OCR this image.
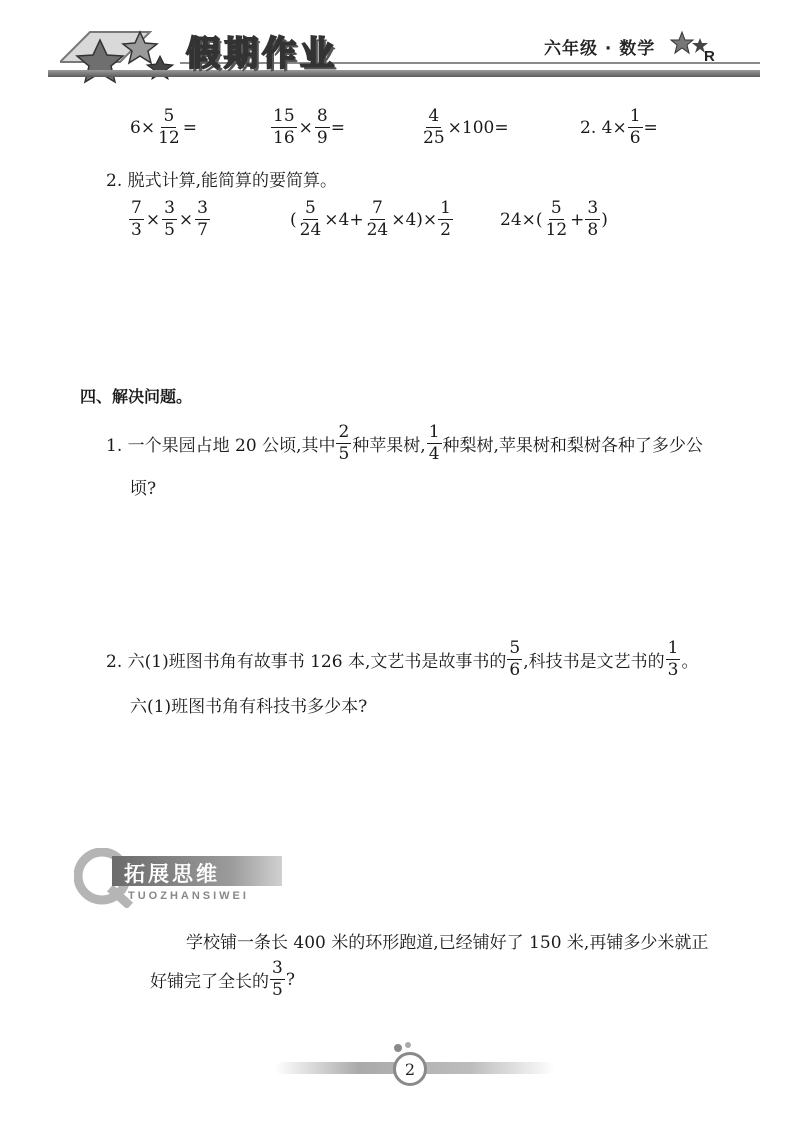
假期作业	六年级 · 数学	R
$6\times \frac{5}{12}$ =	$\frac{15}{16} \times \frac{8}{9}$ =	$\frac{4}{25} \times 100=$	2. $4\times \frac{1}{6}$ =
2. 脱式计算,能简算的要简算。
$\frac{7}{3} \times \frac{3}{5} \times \frac{3}{7}$	( $\frac{5}{24} \times 4+ \frac{7}{24} \times 4)\times \frac{1}{2}$	$24\times( \frac{5}{12} + \frac{3}{8}$ )
四、解决问题。
1. 一个果园占地 20 公顷,其中 $\frac{2}{5}$ 种苹果树, $\frac{1}{4}$ 种梨树,苹果树和梨树各种了多少公
顷?
2. 六(1)班图书角有故事书 126 本,文艺书是故事书的 $\frac{5}{6}$ ,科技书是文艺书的 $\frac{1}{3}$ 。
六(1)班图书角有科技书多少本?
拓展思维
TUOZHANSIWEI
学校铺一条长 400 米的环形跑道,已经铺好了 150 米,再铺多少米就正
好铺完了全长的 $\frac{3}{5}$ ?
2
